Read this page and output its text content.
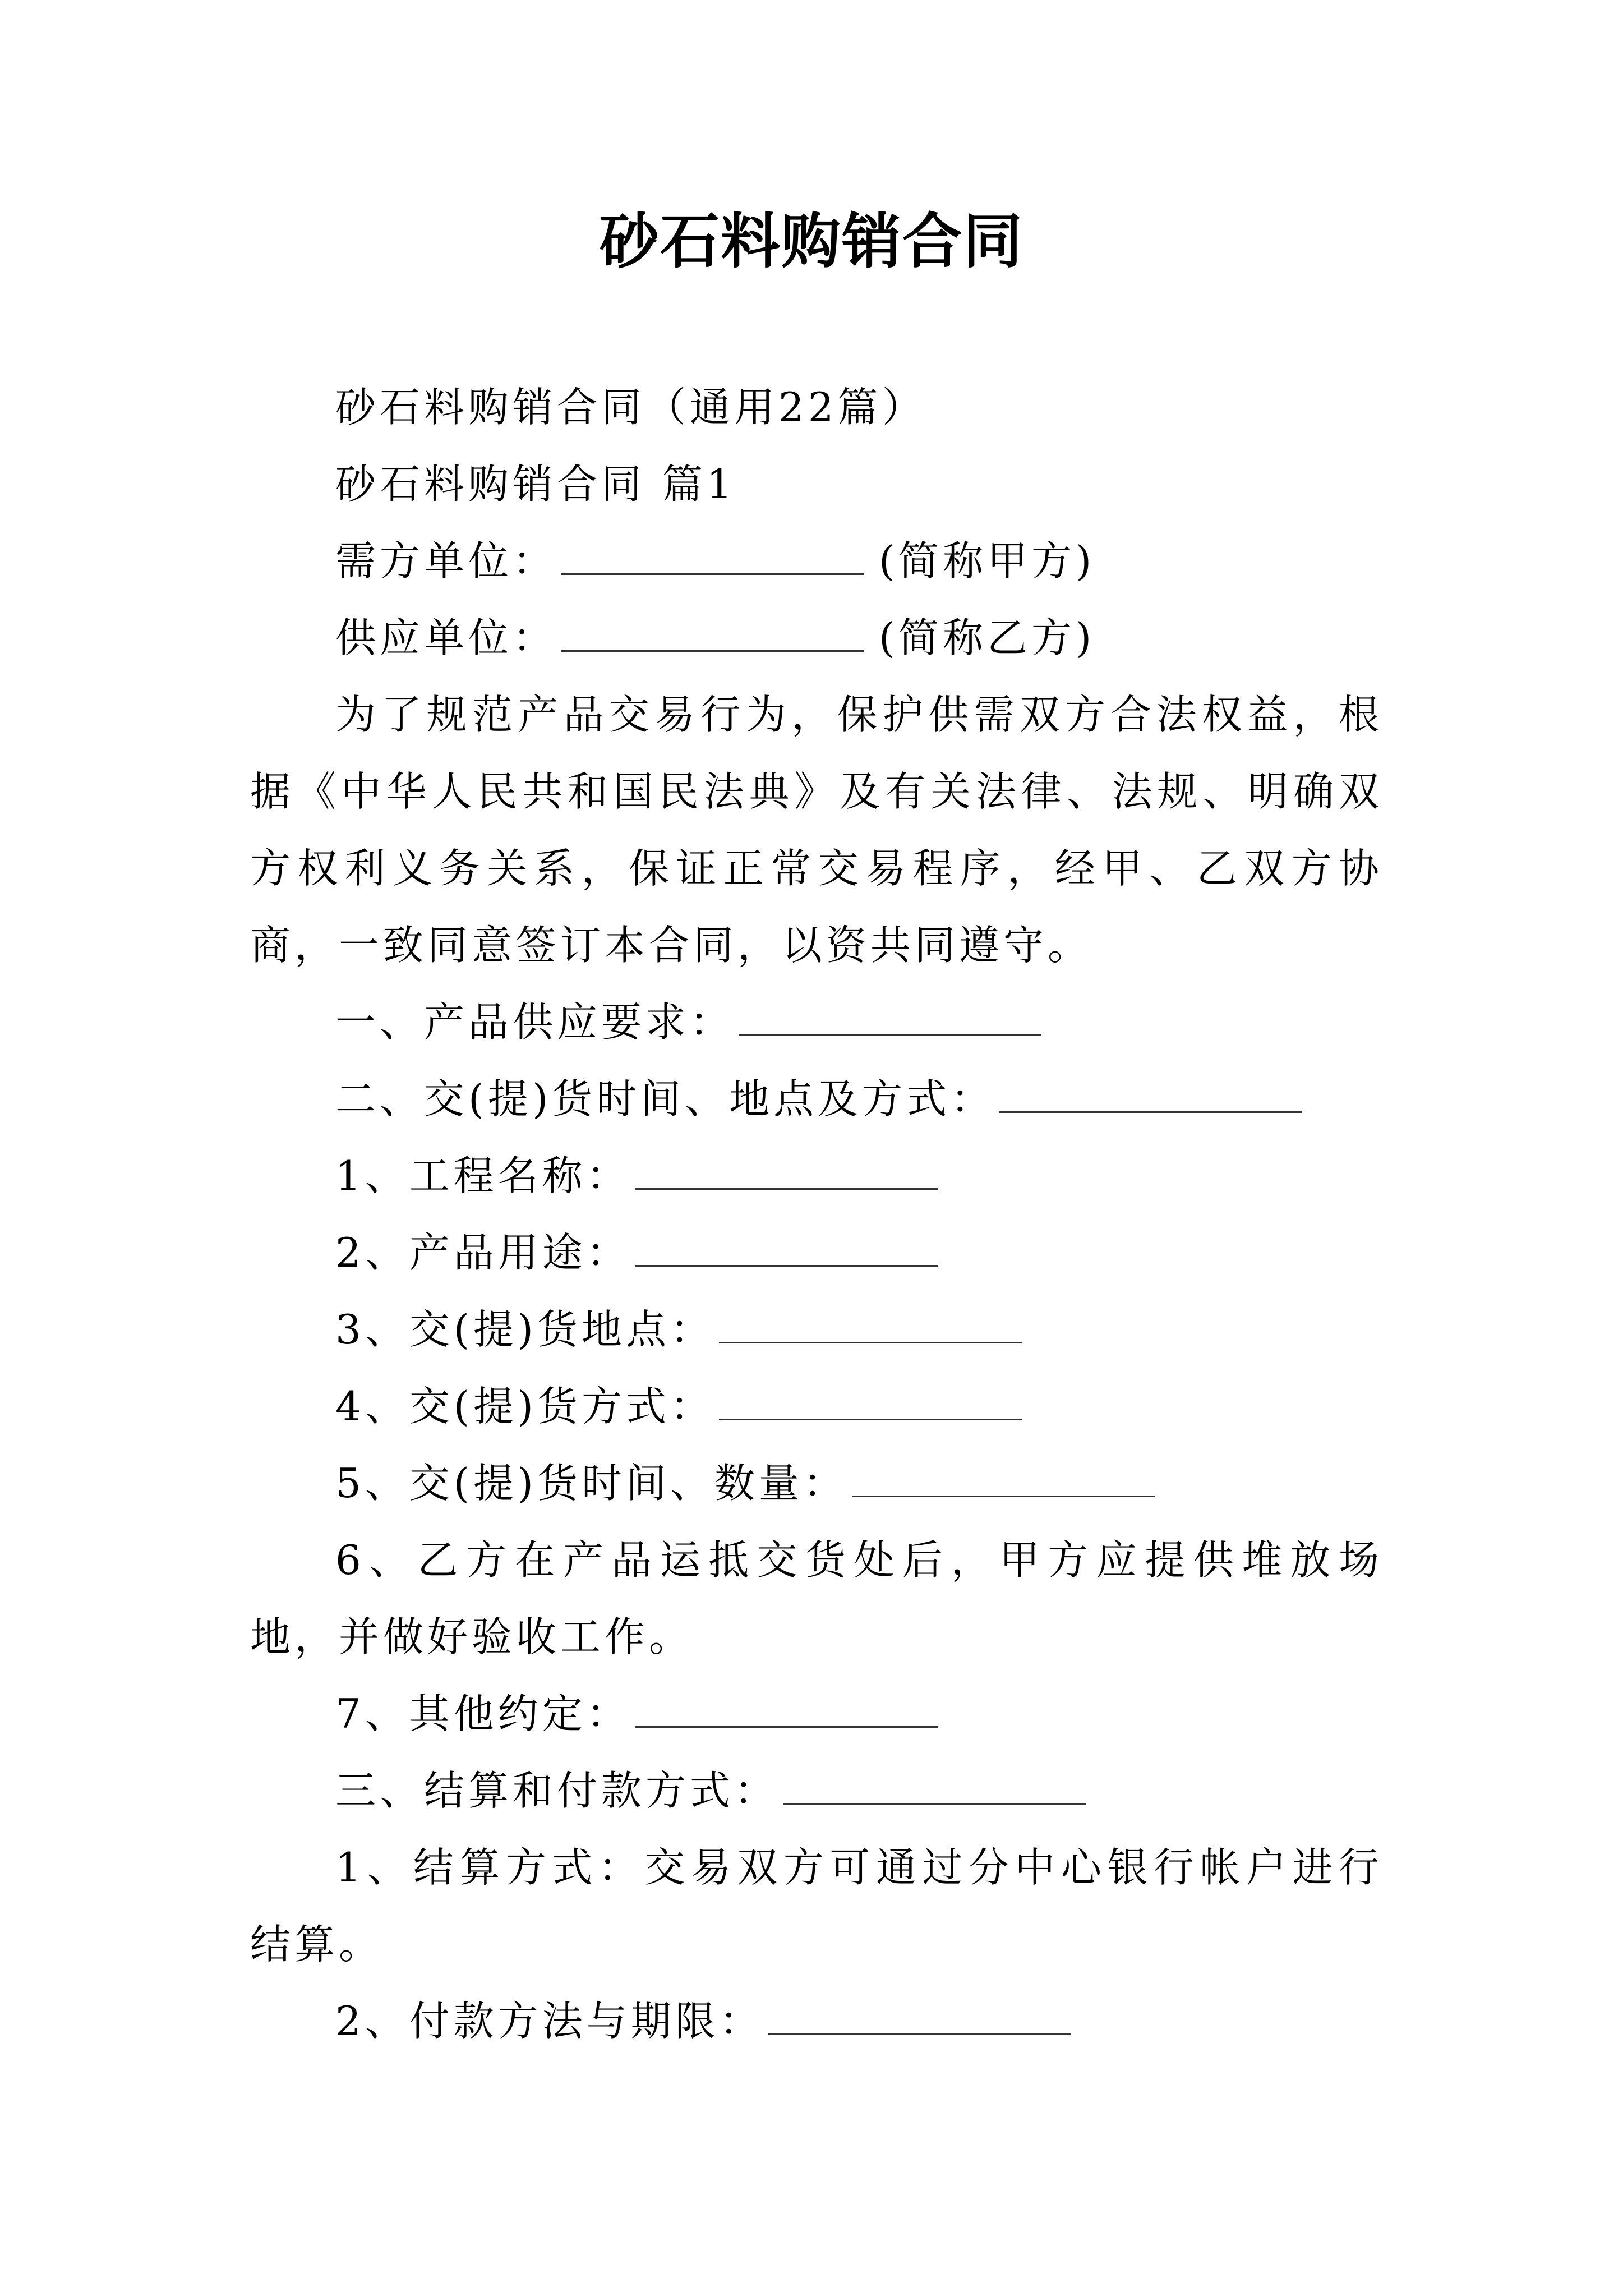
砂石料购销合同

砂石料购销合同（通用22篇）

砂石料购销合同 篇1

需方单位：	(简称甲方)

供应单位：	(简称乙方)

为了规范产品交易行为，保护供需双方合法权益，根据《中华人民共和国民法典》及有关法律、法规、明确双方权利义务关系，保证正常交易程序，经甲、乙双方协商，一致同意签订本合同，以资共同遵守。

一、产品供应要求：

二、交(提)货时间、地点及方式：

1、工程名称：

2、产品用途：

3、交(提)货地点：

4、交(提)货方式：

5、交(提)货时间、数量：

6、乙方在产品运抵交货处后，甲方应提供堆放场地，并做好验收工作。

7、其他约定：

三、结算和付款方式：

1、结算方式：交易双方可通过分中心银行帐户进行结算。

2、付款方法与期限：
